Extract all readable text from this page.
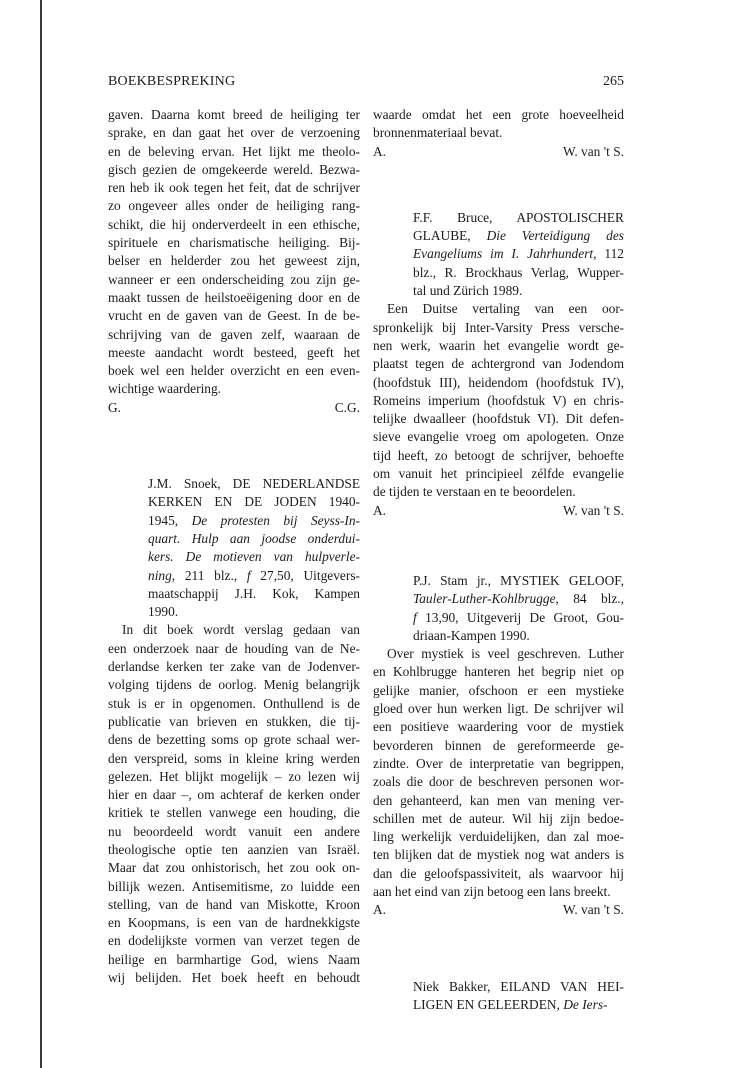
BOEKBESPREKING	265
gaven. Daarna komt breed de heiliging ter
sprake, en dan gaat het over de verzoening
en de beleving ervan. Het lijkt me theolo-
gisch gezien de omgekeerde wereld. Bezwa-
ren heb ik ook tegen het feit, dat de schrijver
zo ongeveer alles onder de heiliging rang-
schikt, die hij onderverdeelt in een ethische,
spirituele en charismatische heiliging. Bij-
belser en helderder zou het geweest zijn,
wanneer er een onderscheiding zou zijn ge-
maakt tussen de heilstoeëigening door en de
vrucht en de gaven van de Geest. In de be-
schrijving van de gaven zelf, waaraan de
meeste aandacht wordt besteed, geeft het
boek wel een helder overzicht en een even-
wichtige waardering.
G.	C.G.
J.M. Snoek, DE NEDERLANDSE
KERKEN EN DE JODEN 1940-
1945, De protesten bij Seyss-In-
quart. Hulp aan joodse onderdui-
kers. De motieven van hulpverle-
ning, 211 blz., f 27,50, Uitgevers-
maatschappij J.H. Kok, Kampen
1990.
In dit boek wordt verslag gedaan van
een onderzoek naar de houding van de Ne-
derlandse kerken ter zake van de Jodenver-
volging tijdens de oorlog. Menig belangrijk
stuk is er in opgenomen. Onthullend is de
publicatie van brieven en stukken, die tij-
dens de bezetting soms op grote schaal wer-
den verspreid, soms in kleine kring werden
gelezen. Het blijkt mogelijk – zo lezen wij
hier en daar –, om achteraf de kerken onder
kritiek te stellen vanwege een houding, die
nu beoordeeld wordt vanuit een andere
theologische optie ten aanzien van Israël.
Maar dat zou onhistorisch, het zou ook on-
billijk wezen. Antisemitisme, zo luidde een
stelling, van de hand van Miskotte, Kroon
en Koopmans, is een van de hardnekkigste
en dodelijkste vormen van verzet tegen de
heilige en barmhartige God, wiens Naam
wij belijden. Het boek heeft en behoudt
waarde omdat het een grote hoeveelheid
bronnenmateriaal bevat.
A.	W. van 't S.
F.F. Bruce, APOSTOLISCHER
GLAUBE, Die Verteidigung des
Evangeliums im I. Jahrhundert, 112
blz., R. Brockhaus Verlag, Wupper-
tal und Zürich 1989.
Een Duitse vertaling van een oor-
spronkelijk bij Inter-Varsity Press versche-
nen werk, waarin het evangelie wordt ge-
plaatst tegen de achtergrond van Jodendom
(hoofdstuk III), heidendom (hoofdstuk IV),
Romeins imperium (hoofdstuk V) en chris-
telijke dwaalleer (hoofdstuk VI). Dit defen-
sieve evangelie vroeg om apologeten. Onze
tijd heeft, zo betoogt de schrijver, behoefte
om vanuit het principieel zélfde evangelie
de tijden te verstaan en te beoordelen.
A.	W. van 't S.
P.J. Stam jr., MYSTIEK GELOOF,
Tauler-Luther-Kohlbrugge, 84 blz.,
f 13,90, Uitgeverij De Groot, Gou-
driaan-Kampen 1990.
Over mystiek is veel geschreven. Luther
en Kohlbrugge hanteren het begrip niet op
gelijke manier, ofschoon er een mystieke
gloed over hun werken ligt. De schrijver wil
een positieve waardering voor de mystiek
bevorderen binnen de gereformeerde ge-
zindte. Over de interpretatie van begrippen,
zoals die door de beschreven personen wor-
den gehanteerd, kan men van mening ver-
schillen met de auteur. Wil hij zijn bedoe-
ling werkelijk verduidelijken, dan zal moe-
ten blijken dat de mystiek nog wat anders is
dan die geloofspassiviteit, als waarvoor hij
aan het eind van zijn betoog een lans breekt.
A.	W. van 't S.
Niek Bakker, EILAND VAN HEI-
LIGEN EN GELEERDEN, De Iers-
